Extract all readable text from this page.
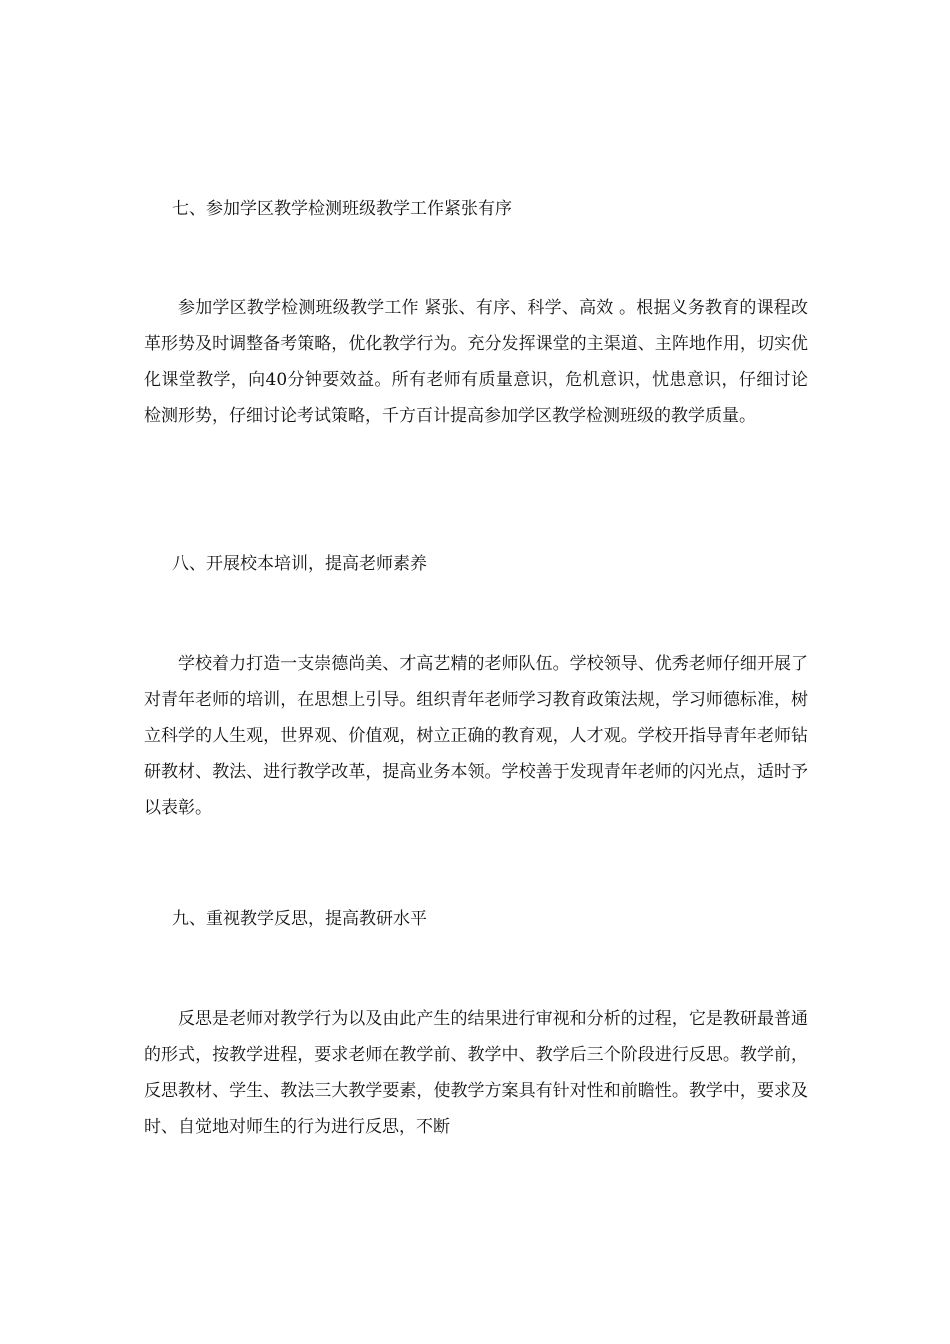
七、参加学区教学检测班级教学工作紧张有序

参加学区教学检测班级教学工作 紧张、有序、科学、高效 。根据义务教育的课程改革形势及时调整备考策略，优化教学行为。充分发挥课堂的主渠道、主阵地作用，切实优化课堂教学，向40分钟要效益。所有老师有质量意识，危机意识，忧患意识，仔细讨论检测形势，仔细讨论考试策略，千方百计提高参加学区教学检测班级的教学质量。

八、开展校本培训，提高老师素养

学校着力打造一支崇德尚美、才高艺精的老师队伍。学校领导、优秀老师仔细开展了对青年老师的培训，在思想上引导。组织青年老师学习教育政策法规，学习师德标准，树立科学的人生观，世界观、价值观，树立正确的教育观，人才观。学校开指导青年老师钻研教材、教法、进行教学改革，提高业务本领。学校善于发现青年老师的闪光点，适时予以表彰。

九、重视教学反思，提高教研水平

反思是老师对教学行为以及由此产生的结果进行审视和分析的过程，它是教研最普通的形式，按教学进程，要求老师在教学前、教学中、教学后三个阶段进行反思。教学前，反思教材、学生、教法三大教学要素，使教学方案具有针对性和前瞻性。教学中，要求及时、自觉地对师生的行为进行反思，不断
